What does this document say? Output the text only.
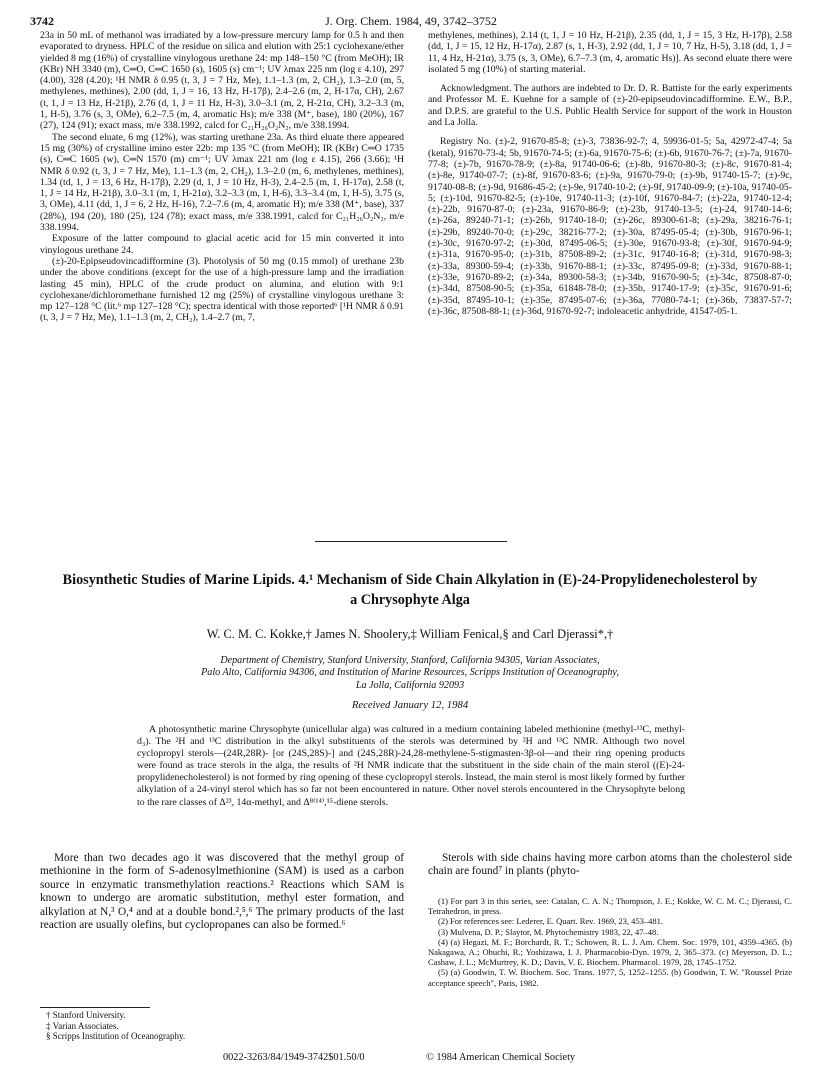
3742	J. Org. Chem. 1984, 49, 3742–3752

23a in 50 mL of methanol was irradiated by a low-pressure mercury lamp for 0.5 h and then evaporated to dryness. HPLC of the residue on silica and elution with 25:1 cyclohexane/ether yielded 8 mg (16%) of crystalline vinylogous urethane 24: mp 148–150 °C (from MeOH); IR (KBr) NH 3340 (m), C═O, C═C 1650 (s), 1605 (s) cm⁻¹; UV λmax 225 nm (log ε 4.10), 297 (4.00), 328 (4.20); ¹H NMR δ 0.95 (t, 3, J = 7 Hz, Me), 1.1–1.3 (m, 2, CH₂), 1.3–2.0 (m, 5, methylenes, methines), 2.00 (dd, 1, J = 16, 13 Hz, H-17β), 2.4–2.6 (m, 2, H-17α, CH), 2.67 (t, 1, J = 13 Hz, H-21β), 2.76 (d, 1, J = 11 Hz, H-3), 3.0–3.1 (m, 2, H-21α, CH), 3.2–3.3 (m, 1, H-5), 3.76 (s, 3, OMe), 6.2–7.5 (m, 4, aromatic Hs); m/e 338 (M⁺, base), 180 (20%), 167 (27), 124 (91); exact mass, m/e 338.1992, calcd for C₂₁H₂₆O₂N₂, m/e 338.1994.

The second eluate, 6 mg (12%), was starting urethane 23a. As third eluate there appeared 15 mg (30%) of crystalline imino ester 22b: mp 135 °C (from MeOH); IR (KBr) C═O 1735 (s), C═C 1605 (w), C═N 1570 (m) cm⁻¹; UV λmax 221 nm (log ε 4.15), 266 (3.66); ¹H NMR δ 0.92 (t, 3, J = 7 Hz, Me), 1.1–1.3 (m, 2, CH₂), 1.3–2.0 (m, 6, methylenes, methines), 1.34 (td, 1, J = 13, 6 Hz, H-17β), 2.29 (d, 1, J = 10 Hz, H-3), 2.4–2.5 (m, 1, H-17α), 2.58 (t, 1, J = 14 Hz, H-21β), 3.0–3.1 (m, 1, H-21α), 3.2–3.3 (m, 1, H-6), 3.3–3.4 (m, 1, H-5), 3.75 (s, 3, OMe), 4.11 (dd, 1, J = 6, 2 Hz, H-16), 7.2–7.6 (m, 4, aromatic H); m/e 338 (M⁺, base), 337 (28%), 194 (20), 180 (25), 124 (78); exact mass, m/e 338.1991, calcd for C₂₁H₂₆O₂N₂, m/e 338.1994.

Exposure of the latter compound to glacial acetic acid for 15 min converted it into vinylogous urethane 24.

(±)-20-Epipseudovincadifformine (3). Photolysis of 50 mg (0.15 mmol) of urethane 23b under the above conditions (except for the use of a high-pressure lamp and the irradiation lasting 45 min), HPLC of the crude product on alumina, and elution with 9:1 cyclohexane/dichloromethane furnished 12 mg (25%) of crystalline vinylogous urethane 3: mp 127–128 °C (lit.⁶ mp 127–128 °C); spectra identical with those reported⁶ [¹H NMR δ 0.91 (t, 3, J = 7 Hz, Me), 1.1–1.3 (m, 2, CH₂), 1.4–2.7 (m, 7,

methylenes, methines), 2.14 (t, 1, J = 10 Hz, H-21β), 2.35 (dd, 1, J = 15, 3 Hz, H-17β), 2.58 (dd, 1, J = 15, 12 Hz, H-17α), 2.87 (s, 1, H-3), 2.92 (dd, 1, J = 10, 7 Hz, H-5), 3.18 (dd, 1, J = 11, 4 Hz, H-21α), 3.75 (s, 3, OMe), 6.7–7.3 (m, 4, aromatic Hs)]. As second eluate there were isolated 5 mg (10%) of starting material.

Acknowledgment. The authors are indebted to Dr. D. R. Battiste for the early experiments and Professor M. E. Kuehne for a sample of (±)-20-epipseudovincadifformine. E.W., B.P., and D.P.S. are grateful to the U.S. Public Health Service for support of the work in Houston and La Jolla.

Registry No. (±)-2, 91670-85-8; (±)-3, 73836-92-7; 4, 59936-01-5; 5a, 42972-47-4; 5a (ketal), 91670-73-4; 5b, 91670-74-5; (±)-6a, 91670-75-6; (±)-6b, 91670-76-7; (±)-7a, 91670-77-8; (±)-7b, 91670-78-9; (±)-8a, 91740-06-6; (±)-8b, 91670-80-3; (±)-8c, 91670-81-4; (±)-8e, 91740-07-7; (±)-8f, 91670-83-6; (±)-9a, 91670-79-0; (±)-9b, 91740-15-7; (±)-9c, 91740-08-8; (±)-9d, 91686-45-2; (±)-9e, 91740-10-2; (±)-9f, 91740-09-9; (±)-10a, 91740-05-5; (±)-10d, 91670-82-5; (±)-10e, 91740-11-3; (±)-10f, 91670-84-7; (±)-22a, 91740-12-4; (±)-22b, 91670-87-0; (±)-23a, 91670-86-9; (±)-23b, 91740-13-5; (±)-24, 91740-14-6; (±)-26a, 89240-71-1; (±)-26b, 91740-18-0; (±)-26c, 89300-61-8; (±)-29a, 38216-76-1; (±)-29b, 89240-70-0; (±)-29c, 38216-77-2; (±)-30a, 87495-05-4; (±)-30b, 91670-96-1; (±)-30c, 91670-97-2; (±)-30d, 87495-06-5; (±)-30e, 91670-93-8; (±)-30f, 91670-94-9; (±)-31a, 91670-95-0; (±)-31b, 87508-89-2; (±)-31c, 91740-16-8; (±)-31d, 91670-98-3; (±)-33a, 89300-59-4; (±)-33b, 91670-88-1; (±)-33c, 87495-09-8; (±)-33d, 91670-88-1; (±)-33e, 91670-89-2; (±)-34a, 89300-58-3; (±)-34b, 91670-90-5; (±)-34c, 87508-87-0; (±)-34d, 87508-90-5; (±)-35a, 61848-78-0; (±)-35b, 91740-17-9; (±)-35c, 91670-91-6; (±)-35d, 87495-10-1; (±)-35e, 87495-07-6; (±)-36a, 77080-74-1; (±)-36b, 73837-57-7; (±)-36c, 87508-88-1; (±)-36d, 91670-92-7; indoleacetic anhydride, 41547-05-1.

Biosynthetic Studies of Marine Lipids. 4.¹ Mechanism of Side Chain Alkylation in (E)-24-Propylidenecholesterol by a Chrysophyte Alga
W. C. M. C. Kokke,† James N. Shoolery,‡ William Fenical,§ and Carl Djerassi*,†
Department of Chemistry, Stanford University, Stanford, California 94305, Varian Associates,
Palo Alto, California 94306, and Institution of Marine Resources, Scripps Institution of Oceanography,
La Jolla, California 92093
Received January 12, 1984
A photosynthetic marine Chrysophyte (unicellular alga) was cultured in a medium containing labeled methionine (methyl-¹³C, methyl-d₃). The ²H and ¹³C distribution in the alkyl substituents of the sterols was determined by ²H and ¹³C NMR. Although two novel cyclopropyl sterols—(24R,28R)- [or (24S,28S)-] and (24S,28R)-24,28-methylene-5-stigmasten-3β-ol—and their ring opening products were found as trace sterols in the alga, the results of ²H NMR indicate that the substituent in the side chain of the main sterol ((E)-24-propylidenecholesterol) is not formed by ring opening of these cyclopropyl sterols. Instead, the main sterol is most likely formed by further alkylation of a 24-vinyl sterol which has so far not been encountered in nature. Other novel sterols encountered in the Chrysophyte belong to the rare classes of Δ²³, 14α-methyl, and Δ⁸⁽¹⁴⁾,¹⁵-diene sterols.
More than two decades ago it was discovered that the methyl group of methionine in the form of S-adenosylmethionine (SAM) is used as a carbon source in enzymatic transmethylation reactions.² Reactions which SAM is known to undergo are aromatic substitution, methyl ester formation, and alkylation at N,³ O,⁴ and at a double bond.²,⁵,⁶ The primary products of the last reaction are usually olefins, but cyclopropanes can also be formed.⁶
Sterols with side chains having more carbon atoms than the cholesterol side chain are found⁷ in plants (phyto-
† Stanford University.
‡ Varian Associates.
§ Scripps Institution of Oceanography.

(1) For part 3 in this series, see: Catalan, C. A. N.; Thompson, J. E.; Kokke, W. C. M. C.; Djerassi, C. Tetrahedron, in press.

(2) For references see: Lederer, E. Quart. Rev. 1969, 23, 453–481.

(3) Mulvena, D. P.; Slaytor, M. Phytochemistry 1983, 22, 47–48.

(4) (a) Hegazi, M. F.; Borchardt, R. T.; Schowen, R. L. J. Am. Chem. Soc. 1979, 101, 4359–4365. (b) Nakagawa, A.; Ohuchi, R.; Yoshizawa, I. J. Pharmacobio-Dyn. 1979, 2, 365–373. (c) Meyerson, D. L.; Cashaw, J. L.; McMurtrey, K. D.; Davis, V. E. Biochem. Pharmacol. 1979, 28, 1745–1752.

(5) (a) Goodwin, T. W. Biochem. Soc. Trans. 1977, 5, 1252–1255. (b) Goodwin, T. W. "Roussel Prize acceptance speech", Paris, 1982.

0022-3263/84/1949-3742$01.50/0	© 1984 American Chemical Society
